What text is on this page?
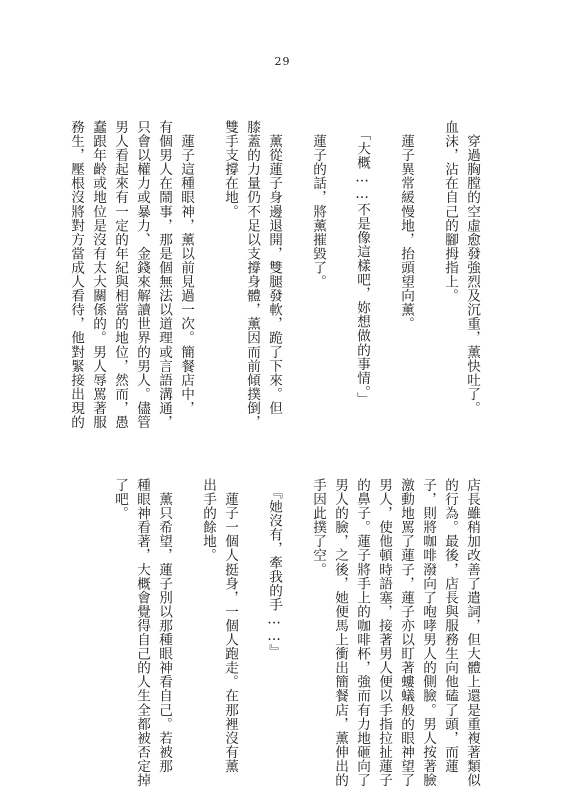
29
　穿過胸膛的空虛愈發強烈及沉重，薰快吐了。
血沫，沾在自己的腳拇指上。

　蓮子異常緩慢地，抬頭望向薰。

　「大概……不是像這樣吧，妳想做的事情。」

　蓮子的話，將薰摧毀了。

　薰從蓮子身邊退開，雙腿發軟，跪了下來。但
膝蓋的力量仍不足以支撐身體，薰因而前傾撲倒，
雙手支撐在地。

　蓮子這種眼神，薰以前見過一次。簡餐店中，
有個男人在鬧事，那是個無法以道理或言語溝通，
只會以權力或暴力、金錢來解讀世界的男人。儘管
男人看起來有一定的年紀與相當的地位，然而，愚
蠢跟年齡或地位是沒有太大關係的。男人辱罵著服
務生，壓根沒將對方當成人看待，他對緊接出現的
店長雖稍加改善了遣詞，但大體上還是重複著類似
的行為。最後，店長與服務生向他磕了頭，而蓮
子，則將咖啡潑向了咆哮男人的側臉。男人按著臉
激動地罵了蓮子，蓮子亦以盯著螻蟻般的眼神望了
男人，使他頓時語塞，接著男人便以手指拉扯蓮子
的鼻子。蓮子將手上的咖啡杯，強而有力地砸向了
男人的臉，之後，她便馬上衝出簡餐店，薰伸出的
手因此撲了空。

　『她沒有，牽我的手……』

　蓮子一個人挺身，一個人跑走。在那裡沒有薰
出手的餘地。

　薰只希望，蓮子別以那種眼神看自己。若被那
種眼神看著，大概會覺得自己的人生全都被否定掉
了吧。
